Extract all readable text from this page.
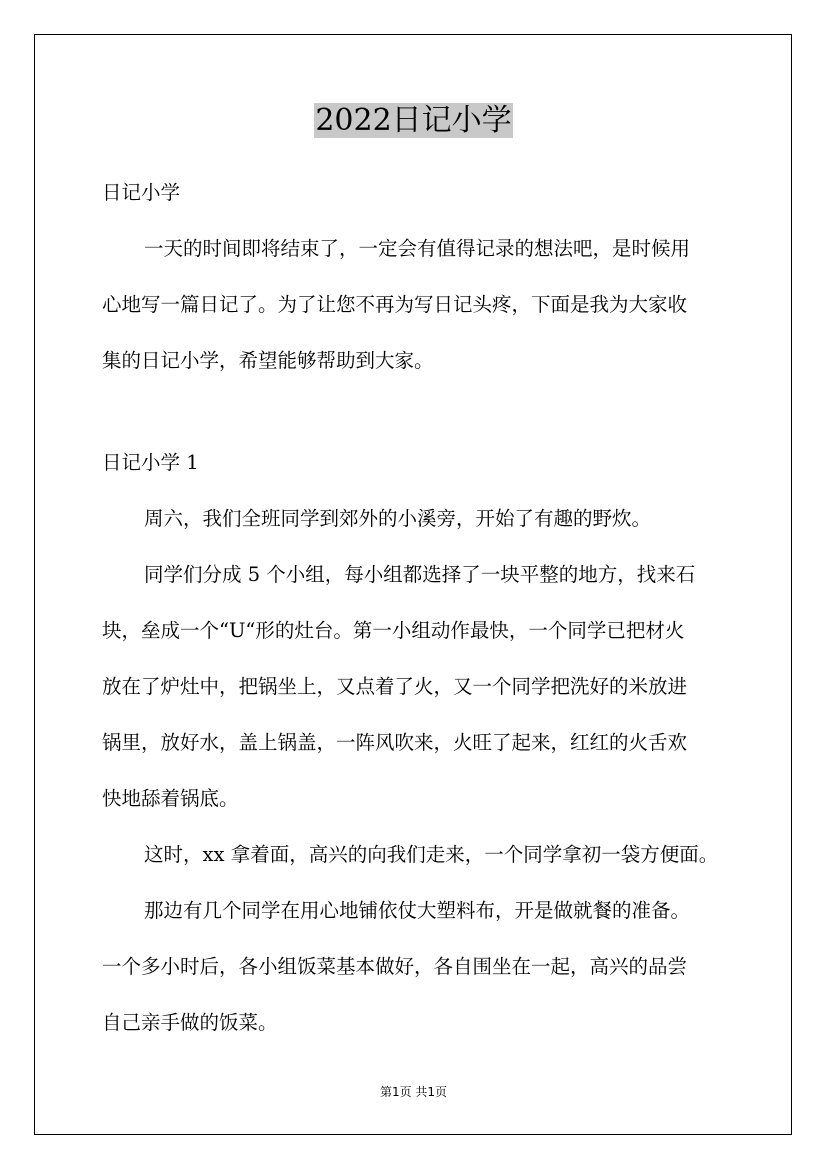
2022日记小学
日记小学
一天的时间即将结束了，一定会有值得记录的想法吧，是时候用
心地写一篇日记了。为了让您不再为写日记头疼，下面是我为大家收
集的日记小学，希望能够帮助到大家。
日记小学 1
周六，我们全班同学到郊外的小溪旁，开始了有趣的野炊。
同学们分成 5 个小组，每小组都选择了一块平整的地方，找来石
块，垒成一个“U“形的灶台。第一小组动作最快，一个同学已把材火
放在了炉灶中，把锅坐上，又点着了火，又一个同学把洗好的米放进
锅里，放好水，盖上锅盖，一阵风吹来，火旺了起来，红红的火舌欢
快地舔着锅底。
这时，xx 拿着面，高兴的向我们走来，一个同学拿初一袋方便面。
那边有几个同学在用心地铺依仗大塑料布，开是做就餐的准备。
一个多小时后，各小组饭菜基本做好，各自围坐在一起，高兴的品尝
自己亲手做的饭菜。
第1页 共1页
